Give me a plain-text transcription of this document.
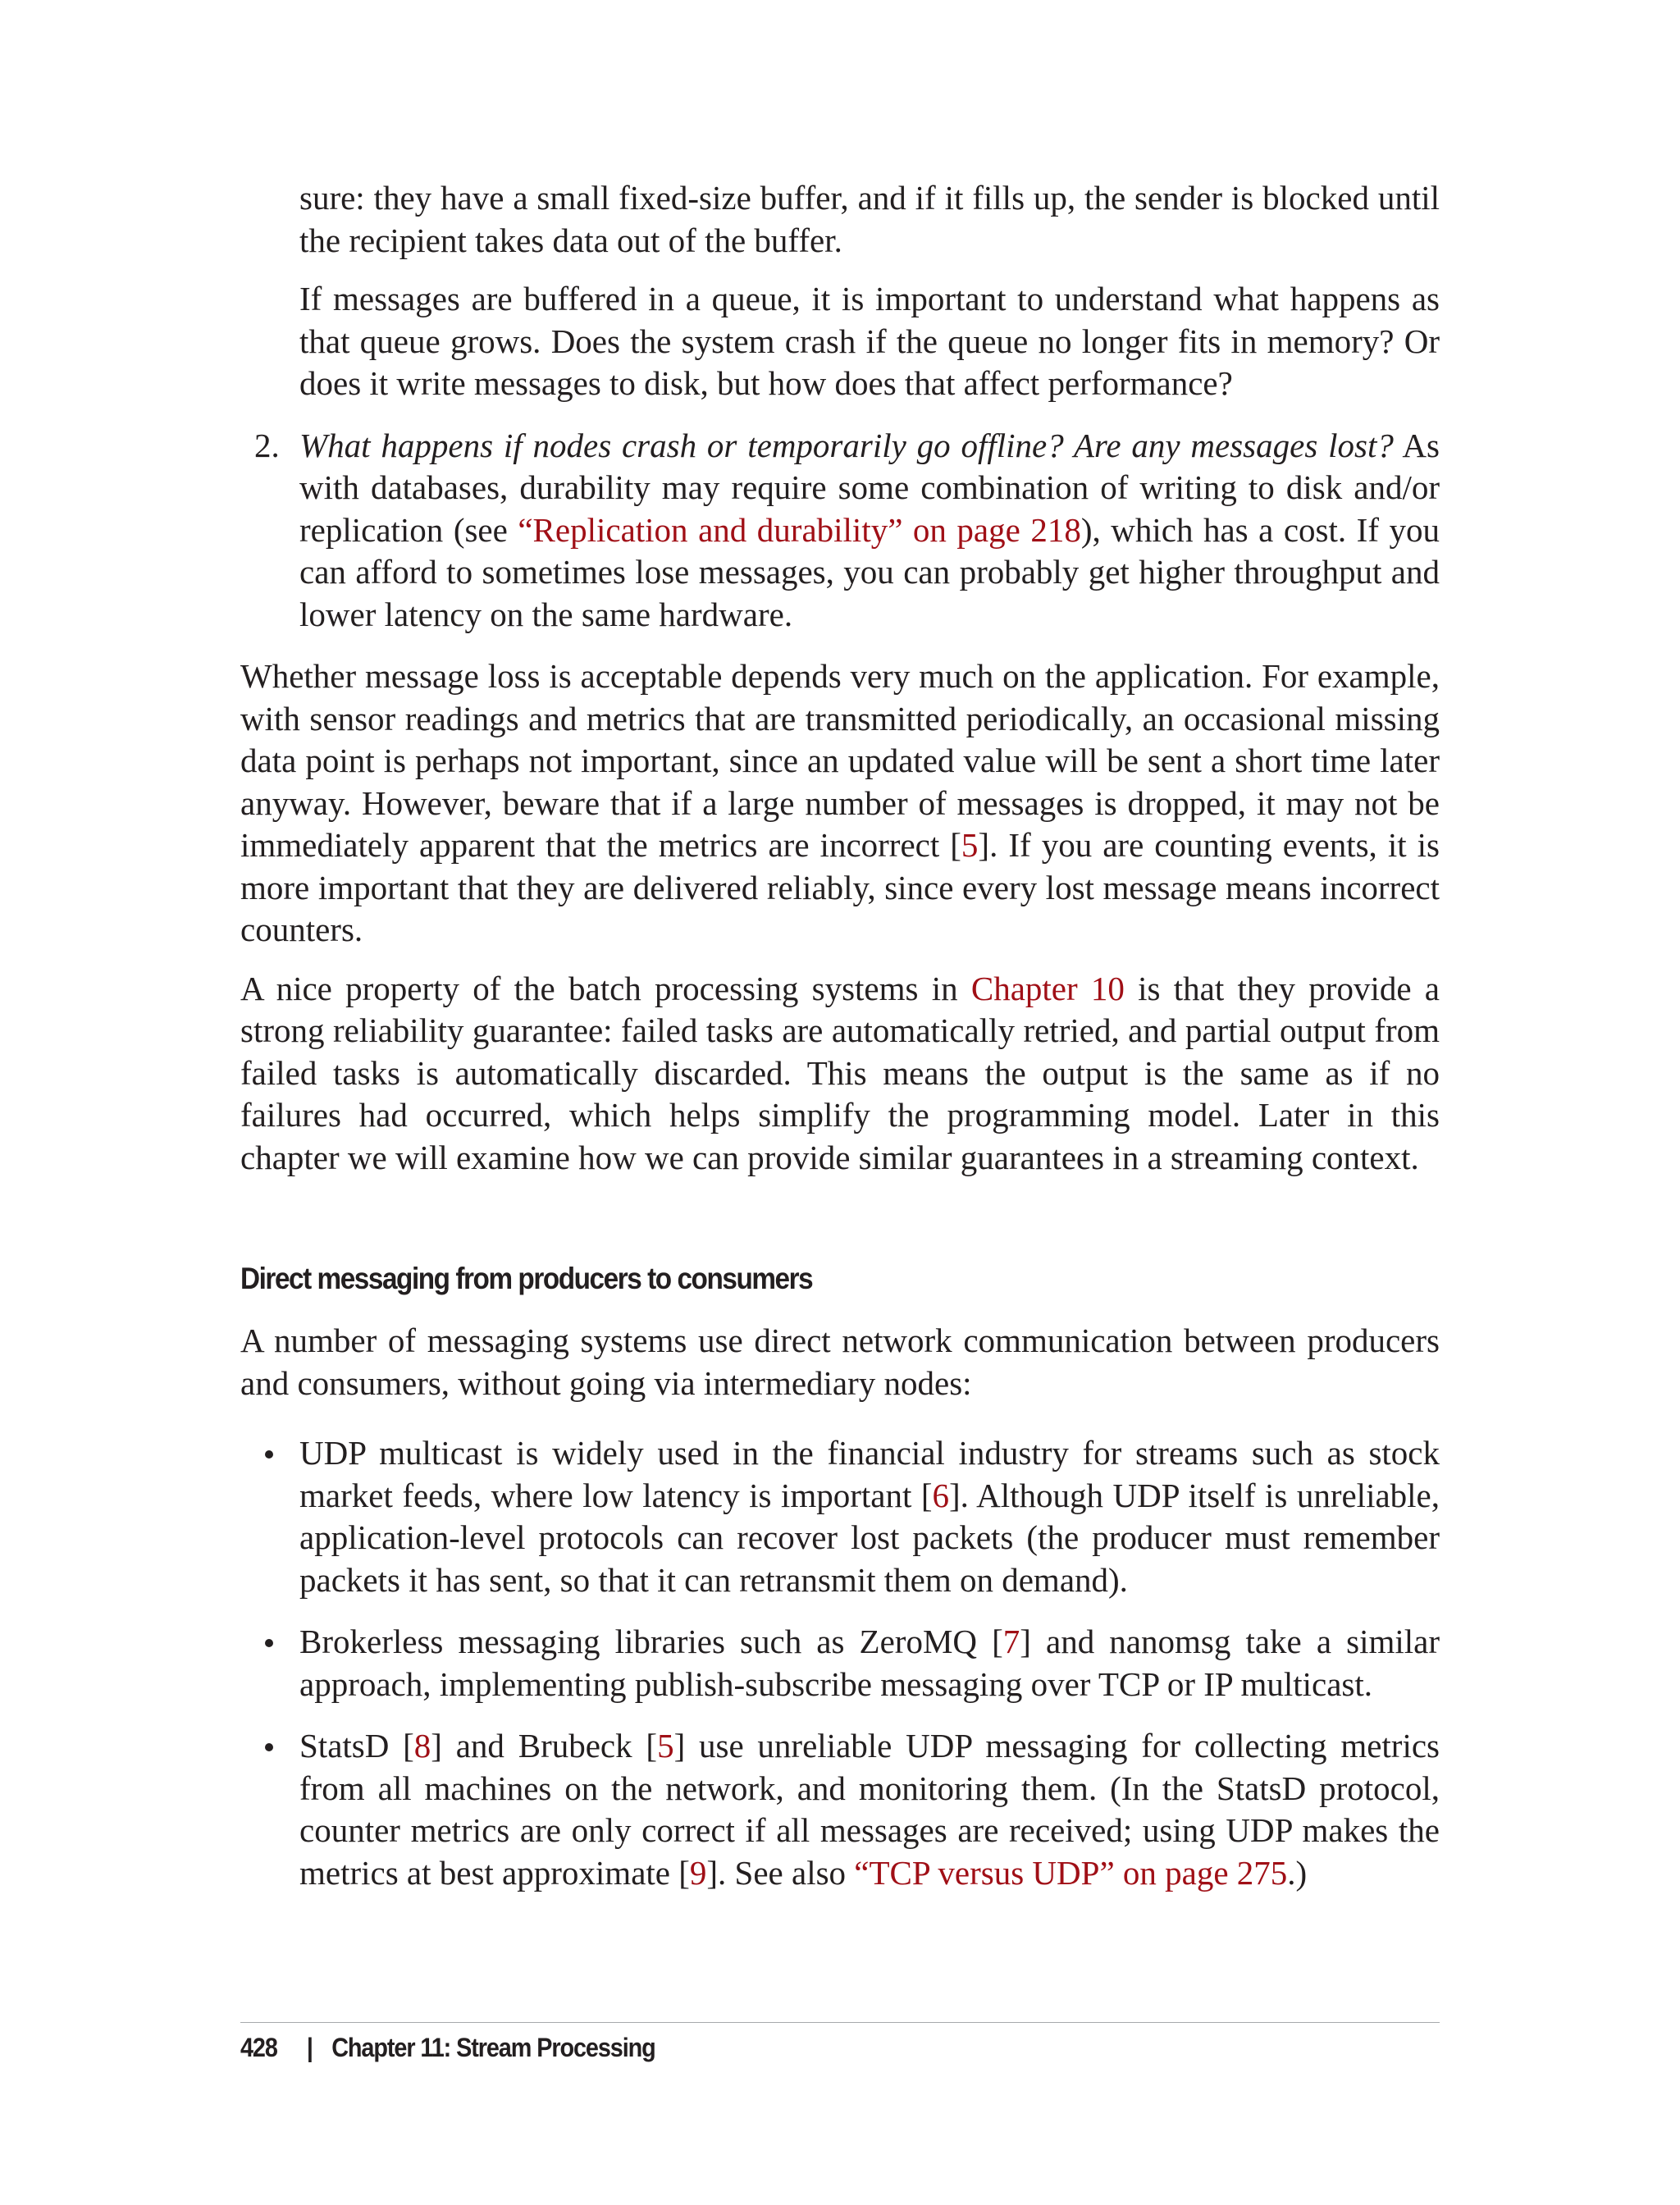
sure: they have a small fixed-size buffer, and if it fills up, the sender is blocked until the recipient takes data out of the buffer.

If messages are buffered in a queue, it is important to understand what happens as that queue grows. Does the system crash if the queue no longer fits in memory? Or does it write messages to disk, but how does that affect performance?

2. What happens if nodes crash or temporarily go offline? Are any messages lost? As with databases, durability may require some combination of writing to disk and/or replication (see “Replication and durability” on page 218), which has a cost. If you can afford to sometimes lose messages, you can probably get higher throughput and lower latency on the same hardware.

Whether message loss is acceptable depends very much on the application. For example, with sensor readings and metrics that are transmitted periodically, an occasional missing data point is perhaps not important, since an updated value will be sent a short time later anyway. However, beware that if a large number of messages is dropped, it may not be immediately apparent that the metrics are incorrect [5]. If you are counting events, it is more important that they are delivered reliably, since every lost message means incorrect counters.

A nice property of the batch processing systems in Chapter 10 is that they provide a strong reliability guarantee: failed tasks are automatically retried, and partial output from failed tasks is automatically discarded. This means the output is the same as if no failures had occurred, which helps simplify the programming model. Later in this chapter we will examine how we can provide similar guarantees in a streaming context.

Direct messaging from producers to consumers

A number of messaging systems use direct network communication between producers and consumers, without going via intermediary nodes:

UDP multicast is widely used in the financial industry for streams such as stock market feeds, where low latency is important [6]. Although UDP itself is unreliable, application-level protocols can recover lost packets (the producer must remember packets it has sent, so that it can retransmit them on demand).

Brokerless messaging libraries such as ZeroMQ [7] and nanomsg take a similar approach, implementing publish-subscribe messaging over TCP or IP multicast.

StatsD [8] and Brubeck [5] use unreliable UDP messaging for collecting metrics from all machines on the network, and monitoring them. (In the StatsD protocol, counter metrics are only correct if all messages are received; using UDP makes the metrics at best approximate [9]. See also “TCP versus UDP” on page 275.)

428 | Chapter 11: Stream Processing
